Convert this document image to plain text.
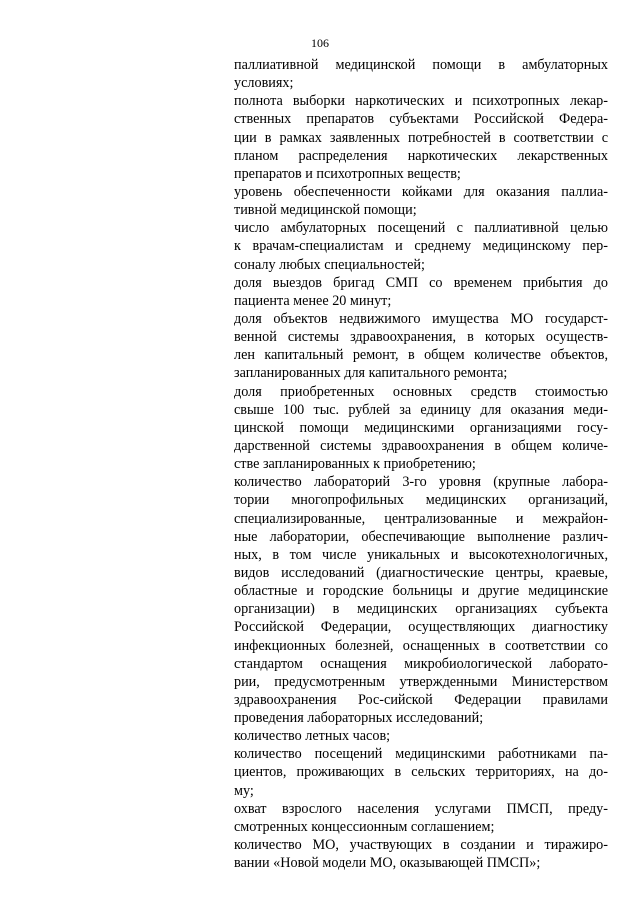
106
паллиативной медицинской помощи в амбулаторных
условиях;
полнота выборки наркотических и психотропных лекар-
ственных препаратов субъектами Российской Федера-
ции в рамках заявленных потребностей в соответствии с
планом распределения наркотических лекарственных
препаратов и психотропных веществ;
уровень обеспеченности койками для оказания паллиа-
тивной медицинской помощи;
число амбулаторных посещений с паллиативной целью
к врачам-специалистам и среднему медицинскому пер-
соналу любых специальностей;
доля выездов бригад СМП со временем прибытия до
пациента менее 20 минут;
доля объектов недвижимого имущества МО государст-
венной системы здравоохранения, в которых осуществ-
лен капитальный ремонт, в общем количестве объектов,
запланированных для капитального ремонта;
доля приобретенных основных средств стоимостью
свыше 100 тыс. рублей за единицу для оказания меди-
цинской помощи медицинскими организациями госу-
дарственной системы здравоохранения в общем количе-
стве запланированных к приобретению;
количество лабораторий 3-го уровня (крупные лабора-
тории многопрофильных медицинских организаций,
специализированные, централизованные и межрайон-
ные лаборатории, обеспечивающие выполнение различ-
ных, в том числе уникальных и высокотехнологичных,
видов исследований (диагностические центры, краевые,
областные и городские больницы и другие медицинские
организации) в медицинских организациях субъекта
Российской Федерации, осуществляющих диагностику
инфекционных болезней, оснащенных в соответствии со
стандартом оснащения микробиологической лаборато-
рии, предусмотренным утвержденными Министерством
здравоохранения Рос-сийской Федерации правилами
проведения лабораторных исследований;
количество летных часов;
количество посещений медицинскими работниками па-
циентов, проживающих в сельских территориях, на до-
му;
охват взрослого населения услугами ПМСП, преду-
смотренных концессионным соглашением;
количество МО, участвующих в создании и тиражиро-
вании «Новой модели МО, оказывающей ПМСП»;
